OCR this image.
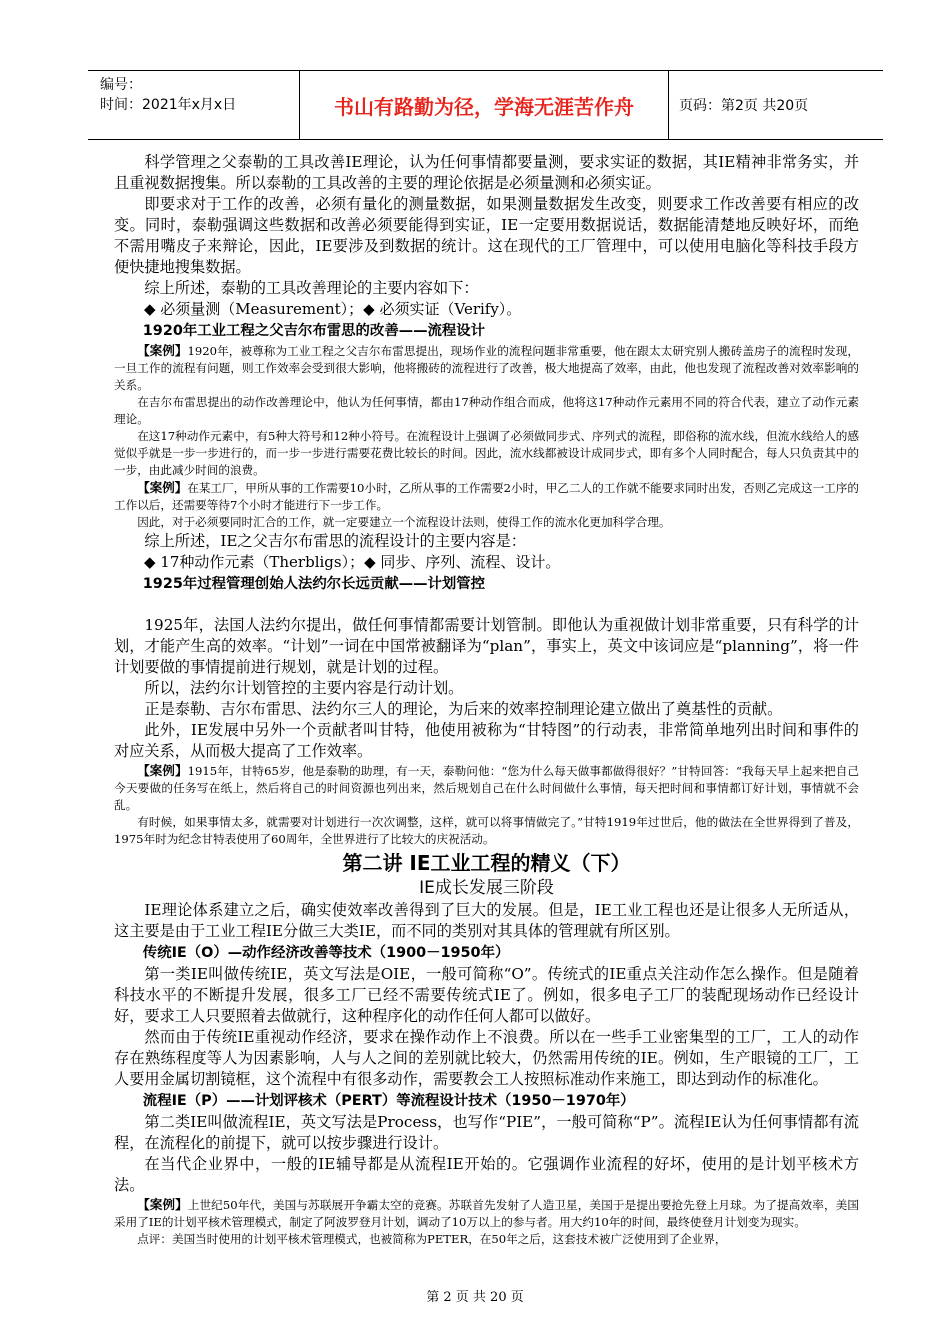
编号：
时间：2021年x月x日	书山有路勤为径，学海无涯苦作舟	页码：第2页 共20页

科学管理之父泰勒的工具改善IE理论，认为任何事情都要量测，要求实证的数据，其IE精神非常务实，并且重视数据搜集。所以泰勒的工具改善的主要的理论依据是必须量测和必须实证。

即要求对于工作的改善，必须有量化的测量数据，如果测量数据发生改变，则要求工作改善要有相应的改变。同时，泰勒强调这些数据和改善必须要能得到实证，IE一定要用数据说话，数据能清楚地反映好坏，而绝不需用嘴皮子来辩论，因此，IE要涉及到数据的统计。这在现代的工厂管理中，可以使用电脑化等科技手段方便快捷地搜集数据。

综上所述，泰勒的工具改善理论的主要内容如下：

◆ 必须量测（Measurement）；◆ 必须实证（Verify）。

1920年工业工程之父吉尔布雷思的改善——流程设计

【案例】1920年，被尊称为工业工程之父吉尔布雷思提出，现场作业的流程问题非常重要，他在跟太太研究别人搬砖盖房子的流程时发现，一旦工作的流程有问题，则工作效率会受到很大影响，他将搬砖的流程进行了改善，极大地提高了效率，由此，他也发现了流程改善对效率影响的关系。

在吉尔布雷思提出的动作改善理论中，他认为任何事情，都由17种动作组合而成，他将这17种动作元素用不同的符合代表，建立了动作元素理论。

在这17种动作元素中，有5种大符号和12种小符号。在流程设计上强调了必须做同步式、序列式的流程，即俗称的流水线，但流水线给人的感觉似乎就是一步一步进行的，而一步一步进行需要花费比较长的时间。因此，流水线都被设计成同步式，即有多个人同时配合，每人只负责其中的一步，由此减少时间的浪费。

【案例】在某工厂，甲所从事的工作需要10小时，乙所从事的工作需要2小时，甲乙二人的工作就不能要求同时出发，否则乙完成这一工序的工作以后，还需要等待7个小时才能进行下一步工作。

因此，对于必须要同时汇合的工作，就一定要建立一个流程设计法则，使得工作的流水化更加科学合理。

综上所述，IE之父吉尔布雷思的流程设计的主要内容是：

◆ 17种动作元素（Therbligs）；◆ 同步、序列、流程、设计。

1925年过程管理创始人法约尔长远贡献——计划管控

1925年，法国人法约尔提出，做任何事情都需要计划管制。即他认为重视做计划非常重要，只有科学的计划，才能产生高的效率。“计划”一词在中国常被翻译为“plan”，事实上，英文中该词应是“planning”，将一件计划要做的事情提前进行规划，就是计划的过程。

所以，法约尔计划管控的主要内容是行动计划。

正是泰勒、吉尔布雷思、法约尔三人的理论，为后来的效率控制理论建立做出了奠基性的贡献。

此外，IE发展中另外一个贡献者叫甘特，他使用被称为“甘特图”的行动表，非常简单地列出时间和事件的对应关系，从而极大提高了工作效率。

【案例】1915年，甘特65岁，他是泰勒的助理，有一天，泰勒问他：“您为什么每天做事都做得很好？”甘特回答：“我每天早上起来把自己今天要做的任务写在纸上，然后将自己的时间资源也列出来，然后规划自己在什么时间做什么事情，每天把时间和事情都订好计划，事情就不会乱。

有时候，如果事情太多，就需要对计划进行一次次调整，这样，就可以将事情做完了。”甘特1919年过世后，他的做法在全世界得到了普及，1975年时为纪念甘特表使用了60周年，全世界进行了比较大的庆祝活动。

第二讲 IE工业工程的精义（下）

IE成长发展三阶段

IE理论体系建立之后，确实使效率改善得到了巨大的发展。但是，IE工业工程也还是让很多人无所适从，这主要是由于工业工程IE分做三大类IE，而不同的类别对其具体的管理就有所区别。

传统IE（O）—动作经济改善等技术（1900－1950年）

第一类IE叫做传统IE，英文写法是OIE，一般可简称“O”。传统式的IE重点关注动作怎么操作。但是随着科技水平的不断提升发展，很多工厂已经不需要传统式IE了。例如，很多电子工厂的装配现场动作已经设计好，要求工人只要照着去做就行，这种程序化的动作任何人都可以做好。

然而由于传统IE重视动作经济，要求在操作动作上不浪费。所以在一些手工业密集型的工厂，工人的动作存在熟练程度等人为因素影响，人与人之间的差别就比较大，仍然需用传统的IE。例如，生产眼镜的工厂，工人要用金属切割镜框，这个流程中有很多动作，需要教会工人按照标准动作来施工，即达到动作的标准化。

流程IE（P）——计划评核术（PERT）等流程设计技术（1950－1970年）

第二类IE叫做流程IE，英文写法是Process，也写作“PIE”，一般可简称“P”。流程IE认为任何事情都有流程，在流程化的前提下，就可以按步骤进行设计。

在当代企业界中，一般的IE辅导都是从流程IE开始的。它强调作业流程的好坏，使用的是计划平核术方法。

【案例】上世纪50年代，美国与苏联展开争霸太空的竞赛。苏联首先发射了人造卫星，美国于是提出要抢先登上月球。为了提高效率，美国采用了IE的计划平核术管理模式，制定了阿波罗登月计划，调动了10万以上的参与者。用大约10年的时间，最终使登月计划变为现实。

点评：美国当时使用的计划平核术管理模式，也被简称为PETER，在50年之后，这套技术被广泛使用到了企业界，

第 2 页 共 20 页
